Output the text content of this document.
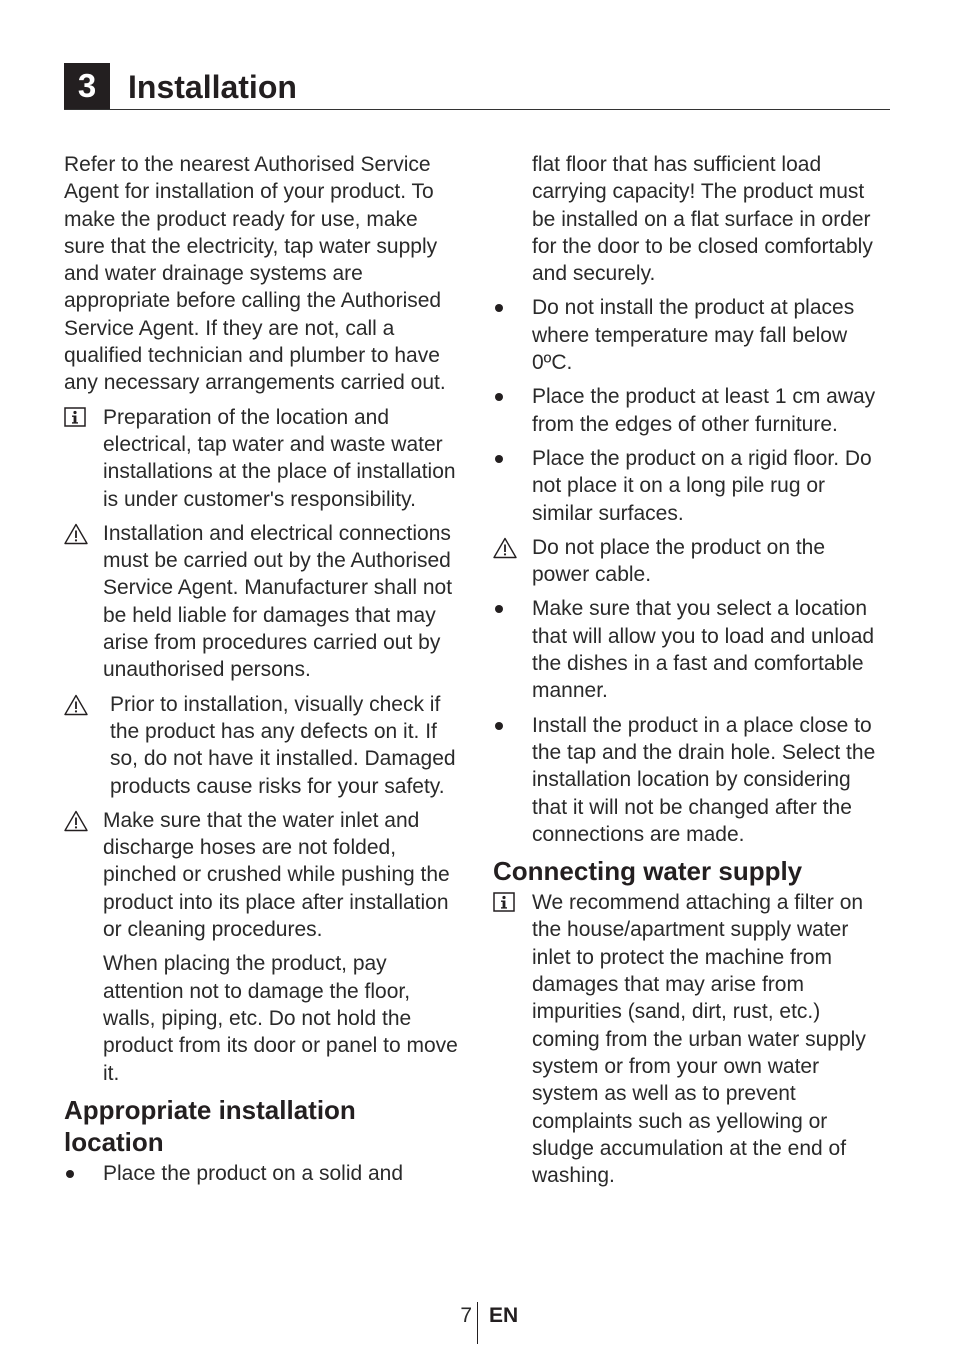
3 Installation

Refer to the nearest Authorised Service Agent for installation of your product. To make the product ready for use, make sure that the electricity, tap water supply and water drainage systems are appropriate before calling the Authorised Service Agent. If they are not, call a qualified technician and plumber to have any necessary arrangements carried out.

Preparation of the location and electrical, tap water and waste water installations at the place of installation is under customer's responsibility.
Installation and electrical connections must be carried out by the Authorised Service Agent. Manufacturer shall not be held liable for damages that may arise from procedures carried out by unauthorised persons.
Prior to installation, visually check if the product has any defects on it. If so, do not have it installed. Damaged products cause risks for your safety.
Make sure that the water inlet and discharge hoses are not folded, pinched or crushed while pushing the product into its place after installation or cleaning procedures.

When placing the product, pay attention not to damage the floor, walls, piping, etc. Do not hold the product from its door or panel to move it.

Appropriate installation location
Place the product on a solid and

flat floor that has sufficient load carrying capacity! The product must be installed on a flat surface in order for the door to be closed comfortably and securely.

Do not install the product at places where temperature may fall below 0ºC.
Place the product at least 1 cm away from the edges of other furniture.
Place the product on a rigid floor. Do not place it on a long pile rug or similar surfaces.
Do not place the product on the power cable.
Make sure that you select a location that will allow you to load and unload the dishes in a fast and comfortable manner.
Install the product in a place close to the tap and the drain hole. Select the installation location by considering that it will not be changed after the connections are made.
Connecting water supply
We recommend attaching a filter on the house/apartment supply water inlet to protect the machine from damages that may arise from impurities (sand, dirt, rust, etc.) coming from the urban water supply system or from your own water system as well as to prevent complaints such as yellowing or sludge accumulation at the end of washing.
7 EN
